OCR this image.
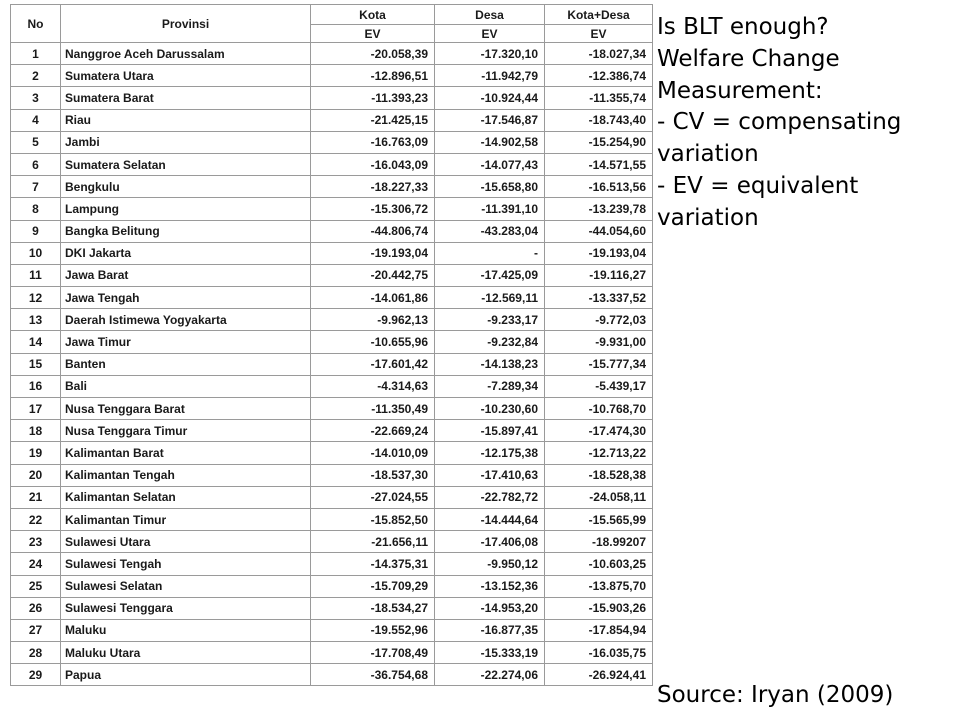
No	Provinsi	Kota	Desa	Kota+Desa
		EV	EV	EV
1	Nanggroe Aceh Darussalam	-20.058,39	-17.320,10	-18.027,34
2	Sumatera Utara	-12.896,51	-11.942,79	-12.386,74
3	Sumatera Barat	-11.393,23	-10.924,44	-11.355,74
4	Riau	-21.425,15	-17.546,87	-18.743,40
5	Jambi	-16.763,09	-14.902,58	-15.254,90
6	Sumatera Selatan	-16.043,09	-14.077,43	-14.571,55
7	Bengkulu	-18.227,33	-15.658,80	-16.513,56
8	Lampung	-15.306,72	-11.391,10	-13.239,78
9	Bangka Belitung	-44.806,74	-43.283,04	-44.054,60
10	DKI Jakarta	-19.193,04	-	-19.193,04
11	Jawa Barat	-20.442,75	-17.425,09	-19.116,27
12	Jawa Tengah	-14.061,86	-12.569,11	-13.337,52
13	Daerah Istimewa Yogyakarta	-9.962,13	-9.233,17	-9.772,03
14	Jawa Timur	-10.655,96	-9.232,84	-9.931,00
15	Banten	-17.601,42	-14.138,23	-15.777,34
16	Bali	-4.314,63	-7.289,34	-5.439,17
17	Nusa Tenggara Barat	-11.350,49	-10.230,60	-10.768,70
18	Nusa Tenggara Timur	-22.669,24	-15.897,41	-17.474,30
19	Kalimantan Barat	-14.010,09	-12.175,38	-12.713,22
20	Kalimantan Tengah	-18.537,30	-17.410,63	-18.528,38
21	Kalimantan Selatan	-27.024,55	-22.782,72	-24.058,11
22	Kalimantan Timur	-15.852,50	-14.444,64	-15.565,99
23	Sulawesi Utara	-21.656,11	-17.406,08	-18.99207
24	Sulawesi Tengah	-14.375,31	-9.950,12	-10.603,25
25	Sulawesi Selatan	-15.709,29	-13.152,36	-13.875,70
26	Sulawesi Tenggara	-18.534,27	-14.953,20	-15.903,26
27	Maluku	-19.552,96	-16.877,35	-17.854,94
28	Maluku Utara	-17.708,49	-15.333,19	-16.035,75
29	Papua	-36.754,68	-22.274,06	-26.924,41
Is BLT enough?
Welfare Change
Measurement:
- CV = compensating
variation
- EV = equivalent
variation
Source: Iryan (2009)
